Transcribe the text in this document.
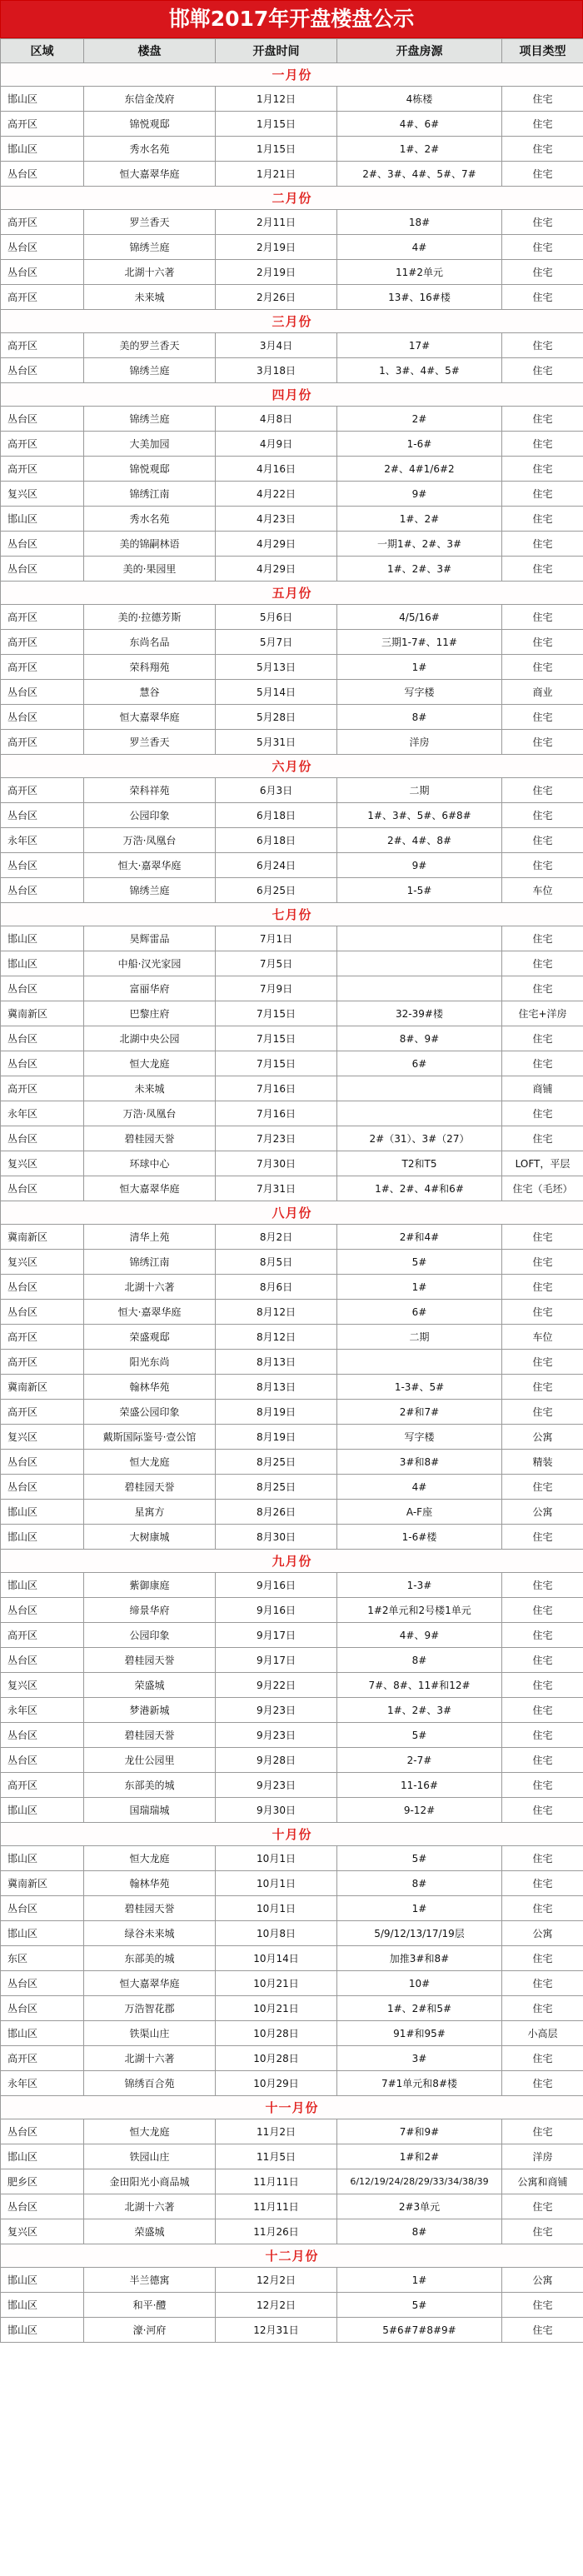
邯郸2017年开盘楼盘公示
区域	楼盘	开盘时间	开盘房源	项目类型
一月份				
邯山区	东信金茂府	1月12日	4栋楼	住宅
高开区	锦悦观邸	1月15日	4#、6#	住宅
邯山区	秀水名苑	1月15日	1#、2#	住宅
丛台区	恒大嘉翠华庭	1月21日	2#、3#、4#、5#、7#	住宅
二月份				
高开区	罗兰香天	2月11日	18#	住宅
丛台区	锦绣兰庭	2月19日	4#	住宅
丛台区	北湖十六著	2月19日	11#2单元	住宅
高开区	未来城	2月26日	13#、16#楼	住宅
三月份				
高开区	美的罗兰香天	3月4日	17#	住宅
丛台区	锦绣兰庭	3月18日	1、3#、4#、5#	住宅
四月份				
丛台区	锦绣兰庭	4月8日	2#	住宅
高开区	大美加园	4月9日	1-6#	住宅
高开区	锦悦观邸	4月16日	2#、4#1/6#2	住宅
复兴区	锦绣江南	4月22日	9#	住宅
邯山区	秀水名苑	4月23日	1#、2#	住宅
丛台区	美的锦嗣林语	4月29日	一期1#、2#、3#	住宅
丛台区	美的·果园里	4月29日	1#、2#、3#	住宅
五月份				
高开区	美的·拉德芳斯	5月6日	4/5/16#	住宅
高开区	东尚名品	5月7日	三期1-7#、11#	住宅
高开区	荣科翔苑	5月13日	1#	住宅
丛台区	慧谷	5月14日	写字楼	商业
丛台区	恒大嘉翠华庭	5月28日	8#	住宅
高开区	罗兰香天	5月31日	洋房	住宅
六月份				
高开区	荣科祥苑	6月3日	二期	住宅
丛台区	公园印象	6月18日	1#、3#、5#、6#8#	住宅
永年区	万浩·凤凰台	6月18日	2#、4#、8#	住宅
丛台区	恒大·嘉翠华庭	6月24日	9#	住宅
丛台区	锦绣兰庭	6月25日	1-5#	车位
七月份				
邯山区	昊辉雷品	7月1日		住宅
邯山区	中船·汉光家园	7月5日		住宅
丛台区	富丽华府	7月9日		住宅
冀南新区	巴黎庄府	7月15日	32-39#楼	住宅+洋房
丛台区	北湖中央公园	7月15日	8#、9#	住宅
丛台区	恒大龙庭	7月15日	6#	住宅
高开区	未来城	7月16日		商铺
永年区	万浩·凤凰台	7月16日		住宅
丛台区	碧桂园天誉	7月23日	2#（31）、3#（27）	住宅
复兴区	环球中心	7月30日	T2和T5	LOFT，平层
丛台区	恒大嘉翠华庭	7月31日	1#、2#、4#和6#	住宅（毛坯）
八月份				
冀南新区	清华上苑	8月2日	2#和4#	住宅
复兴区	锦绣江南	8月5日	5#	住宅
丛台区	北湖十六著	8月6日	1#	住宅
丛台区	恒大·嘉翠华庭	8月12日	6#	住宅
高开区	荣盛观邸	8月12日	二期	车位
高开区	阳光东尚	8月13日		住宅
冀南新区	翰林华苑	8月13日	1-3#、5#	住宅
高开区	荣盛公园印象	8月19日	2#和7#	住宅
复兴区	戴斯国际鉴号·壹公馆	8月19日	写字楼	公寓
丛台区	恒大龙庭	8月25日	3#和8#	精装
丛台区	碧桂园天誉	8月25日	4#	住宅
邯山区	星寓方	8月26日	A-F座	公寓
邯山区	大树康城	8月30日	1-6#楼	住宅
九月份				
邯山区	紫御康庭	9月16日	1-3#	住宅
丛台区	缔景华府	9月16日	1#2单元和2号楼1单元	住宅
高开区	公园印象	9月17日	4#、9#	住宅
丛台区	碧桂园天誉	9月17日	8#	住宅
复兴区	荣盛城	9月22日	7#、8#、11#和12#	住宅
永年区	梦港新城	9月23日	1#、2#、3#	住宅
丛台区	碧桂园天誉	9月23日	5#	住宅
丛台区	龙仕公园里	9月28日	2-7#	住宅
高开区	东部美的城	9月23日	11-16#	住宅
邯山区	国瑞瑞城	9月30日	9-12#	住宅
十月份				
邯山区	恒大龙庭	10月1日	5#	住宅
冀南新区	翰林华苑	10月1日	8#	住宅
丛台区	碧桂园天誉	10月1日	1#	住宅
邯山区	绿谷未来城	10月8日	5/9/12/13/17/19层	公寓
东区	东部美的城	10月14日	加推3#和8#	住宅
丛台区	恒大嘉翠华庭	10月21日	10#	住宅
丛台区	万浩智花郡	10月21日	1#、2#和5#	住宅
邯山区	铁渠山庄	10月28日	91#和95#	小高层
高开区	北湖十六著	10月28日	3#	住宅
永年区	锦绣百合苑	10月29日	7#1单元和8#楼	住宅
十一月份				
丛台区	恒大龙庭	11月2日	7#和9#	住宅
邯山区	铁园山庄	11月5日	1#和2#	洋房
肥乡区	金田阳光小商品城	11月11日	6/12/19/24/28/29/33/34/38/39	公寓和商铺
丛台区	北湖十六著	11月11日	2#3单元	住宅
复兴区	荣盛城	11月26日	8#	住宅
十二月份				
邯山区	半兰德寓	12月2日	1#	公寓
邯山区	和平·醴	12月2日	5#	住宅
邯山区	濠·河府	12月31日	5#6#7#8#9#	住宅
